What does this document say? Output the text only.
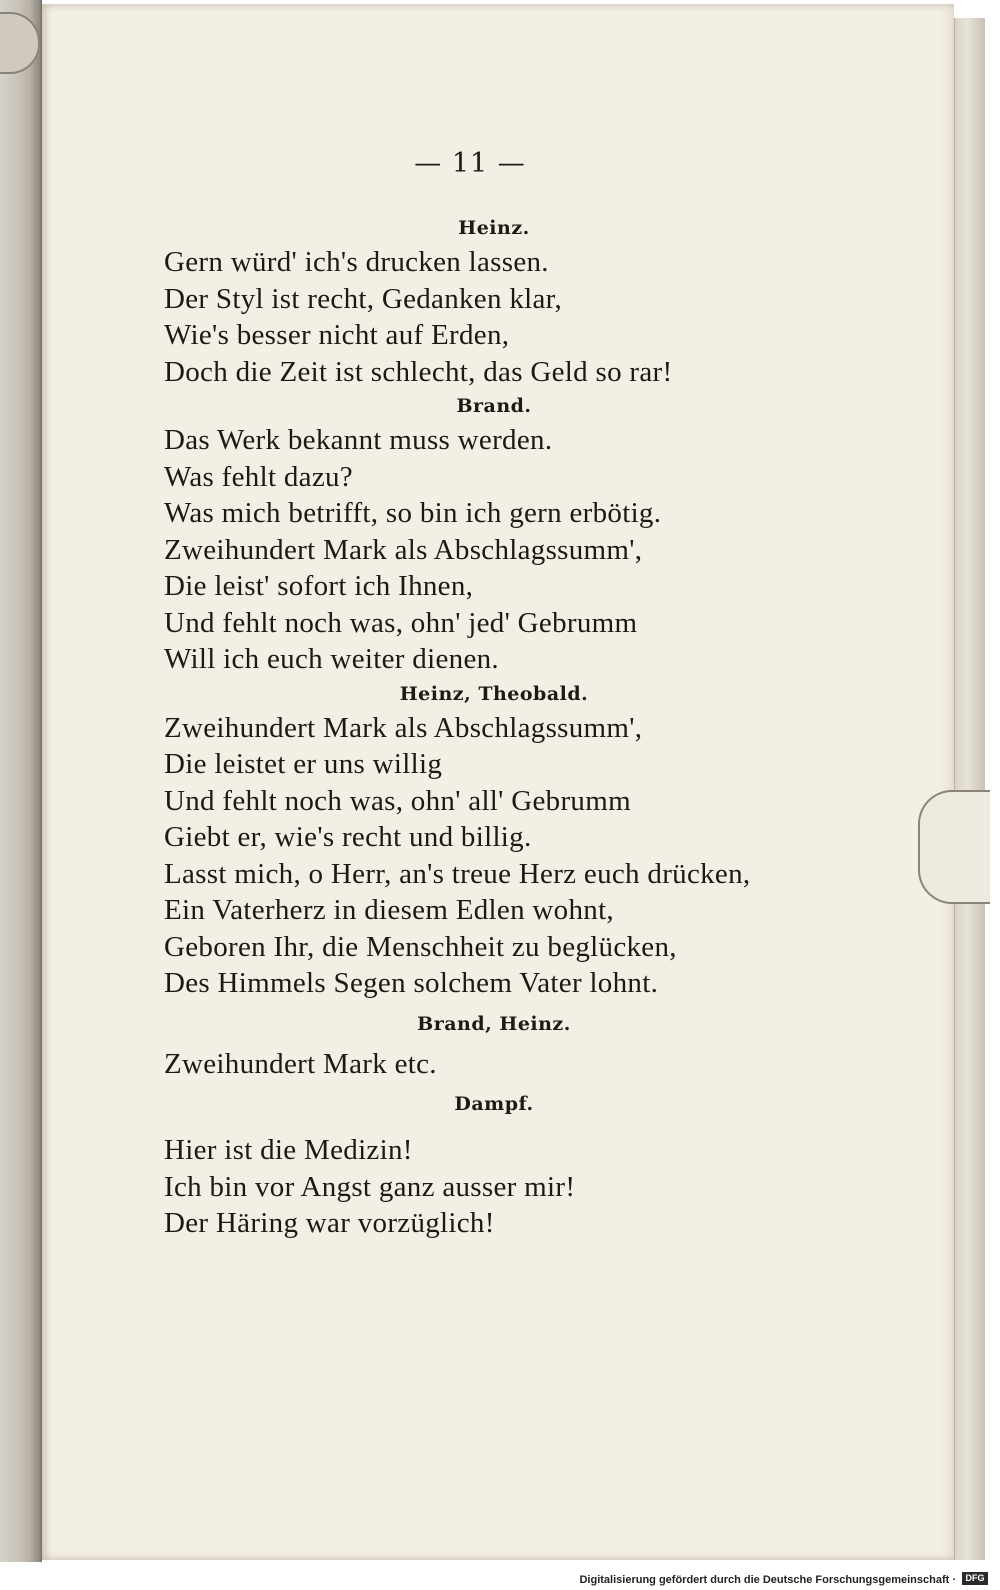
— 11 —
Heinz.
Gern würd' ich's drucken lassen.
Der Styl ist recht, Gedanken klar,
Wie's besser nicht auf Erden,
Doch die Zeit ist schlecht, das Geld so rar!
Brand.
Das Werk bekannt muss werden.
Was fehlt dazu?
Was mich betrifft, so bin ich gern erbötig.
Zweihundert Mark als Abschlagssumm',
Die leist' sofort ich Ihnen,
Und fehlt noch was, ohn' jed' Gebrumm
Will ich euch weiter dienen.
Heinz, Theobald.
Zweihundert Mark als Abschlagssumm',
Die leistet er uns willig
Und fehlt noch was, ohn' all' Gebrumm
Giebt er, wie's recht und billig.
Lasst mich, o Herr, an's treue Herz euch drücken,
Ein Vaterherz in diesem Edlen wohnt,
Geboren Ihr, die Menschheit zu beglücken,
Des Himmels Segen solchem Vater lohnt.
Brand, Heinz.
Zweihundert Mark etc.
Dampf.
Hier ist die Medizin!
Ich bin vor Angst ganz ausser mir!
Der Häring war vorzüglich!
Digitalisierung gefördert durch die Deutsche Forschungsgemeinschaft ·	DFG
